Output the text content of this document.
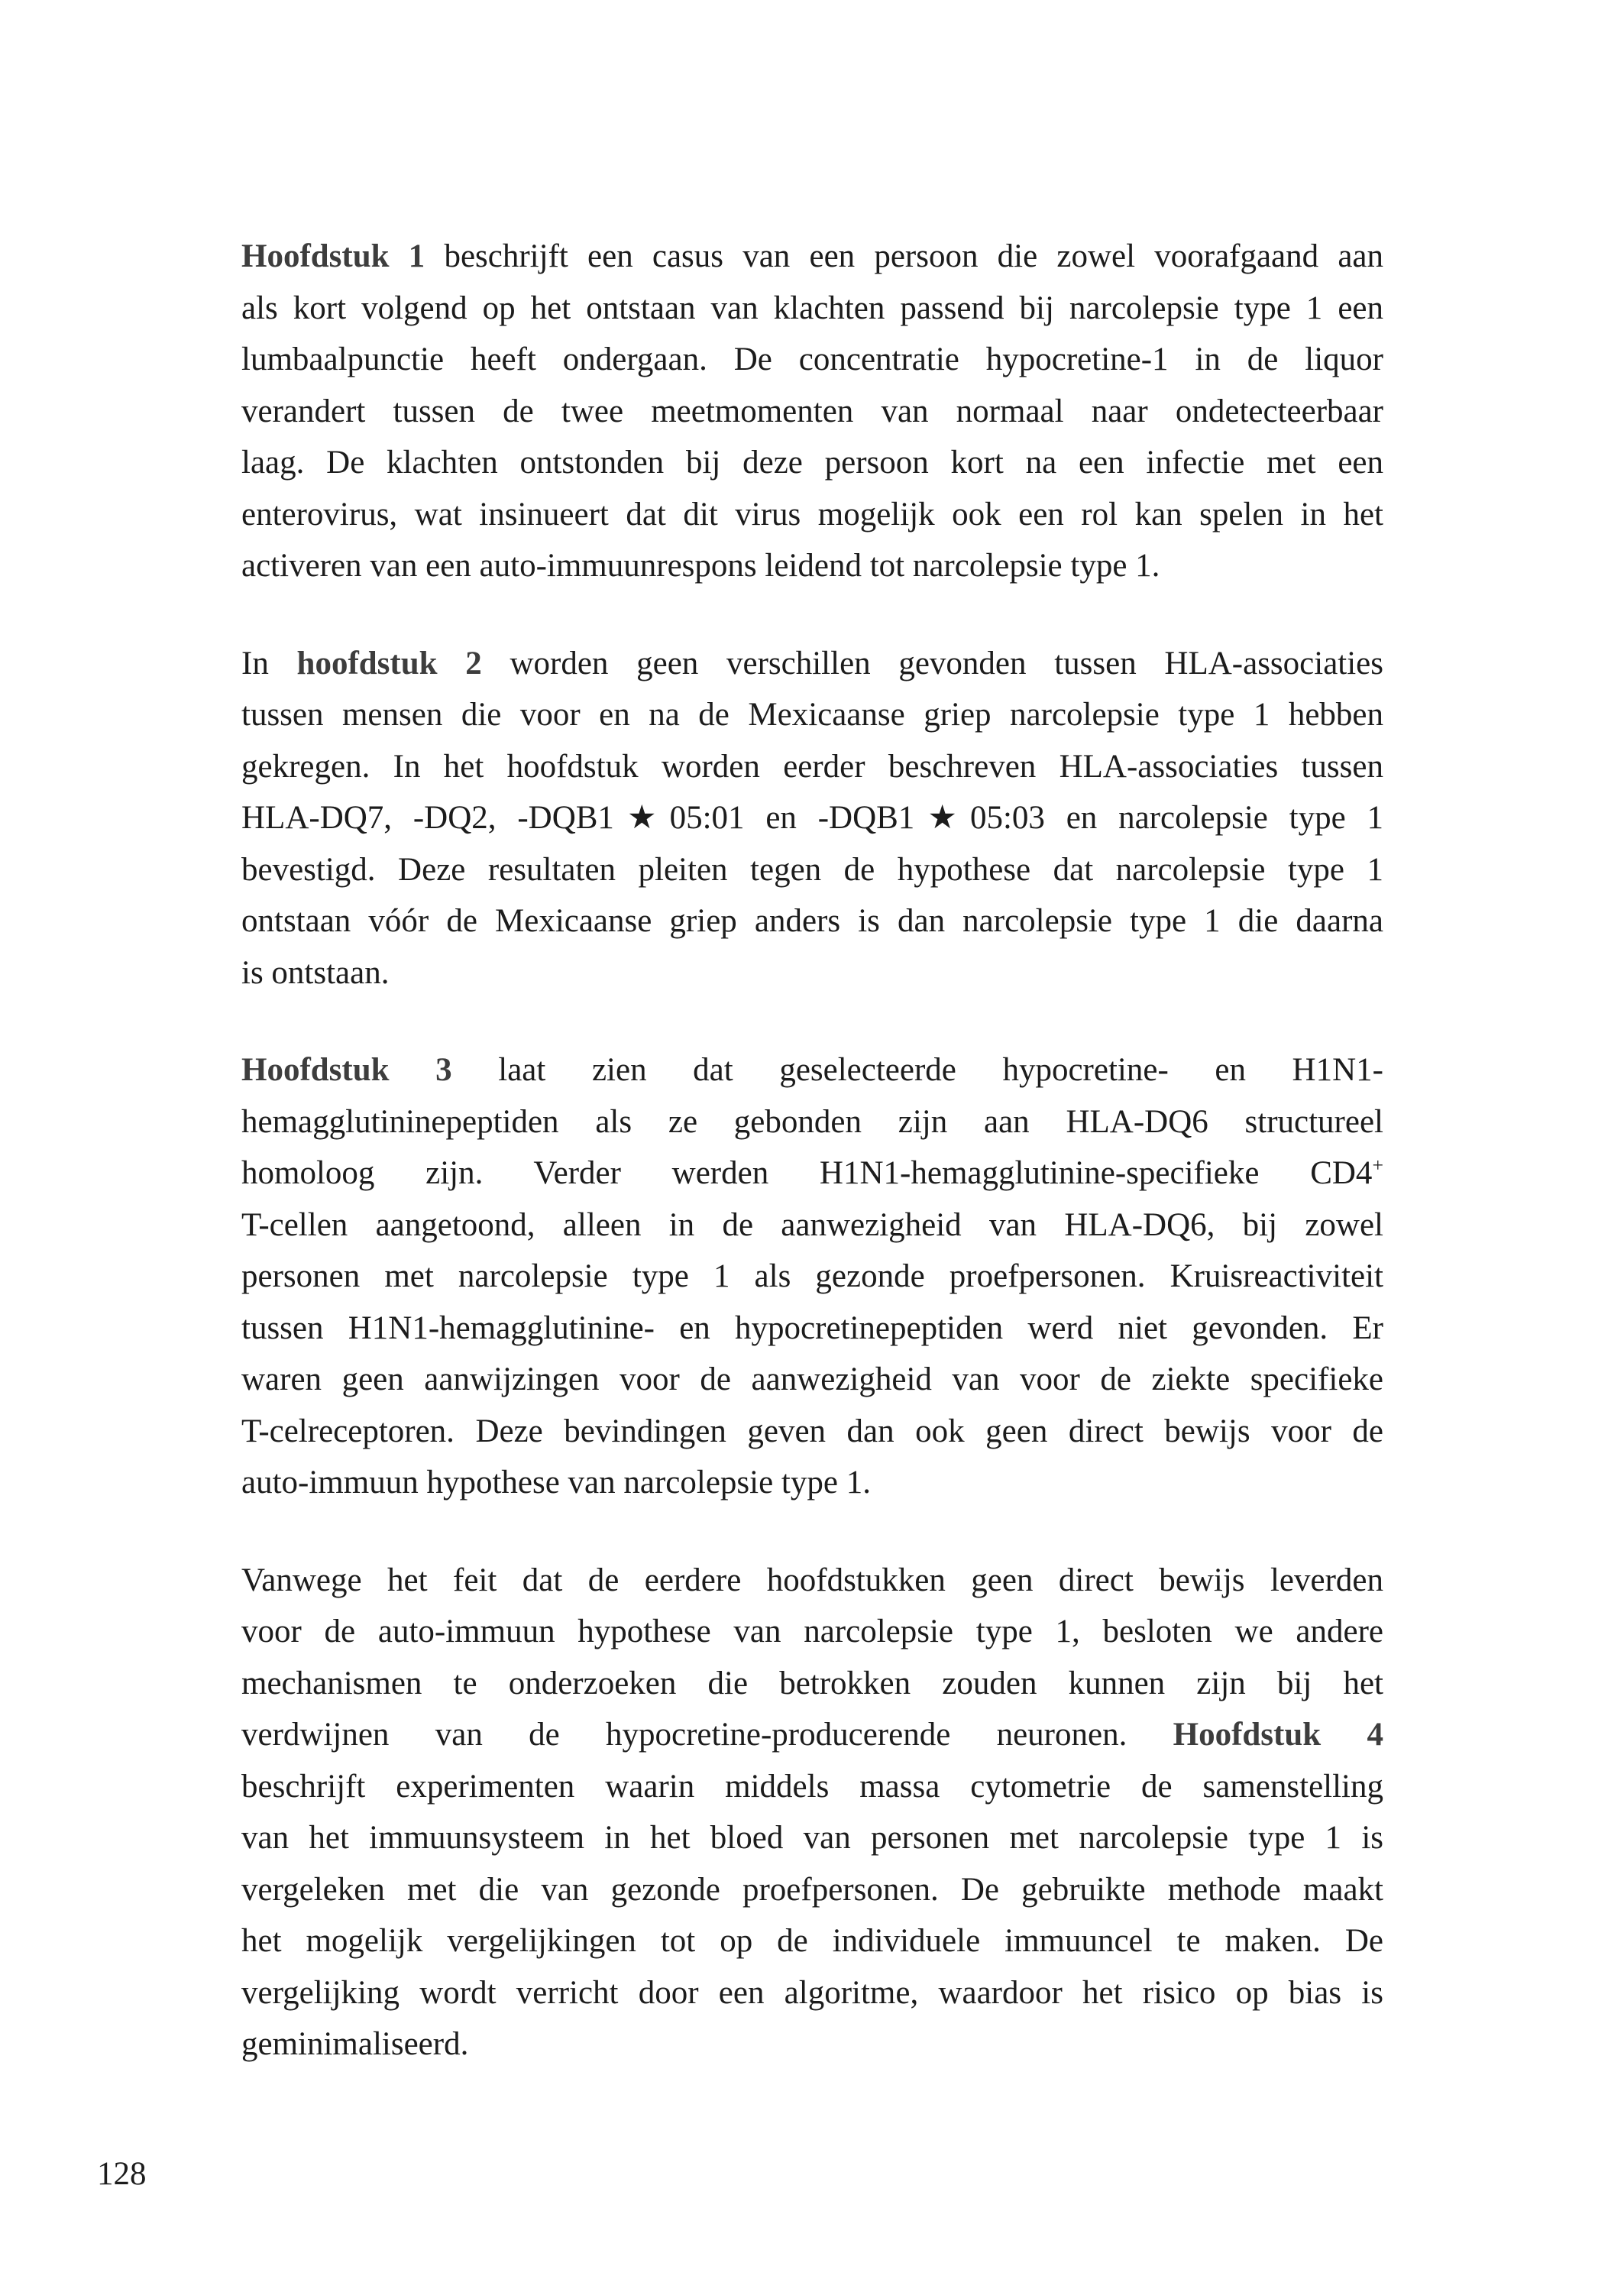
Hoofdstuk 1 beschrijft een casus van een persoon die zowel voorafgaand aan
als kort volgend op het ontstaan van klachten passend bij narcolepsie type 1 een
lumbaalpunctie heeft ondergaan. De concentratie hypocretine-1 in de liquor
verandert tussen de twee meetmomenten van normaal naar ondetecteerbaar
laag. De klachten ontstonden bij deze persoon kort na een infectie met een
enterovirus, wat insinueert dat dit virus mogelijk ook een rol kan spelen in het
activeren van een auto-immuunrespons leidend tot narcolepsie type 1.
In hoofdstuk 2 worden geen verschillen gevonden tussen HLA-associaties
tussen mensen die voor en na de Mexicaanse griep narcolepsie type 1 hebben
gekregen. In het hoofdstuk worden eerder beschreven HLA-associaties tussen
HLA-DQ7, -DQ2, -DQB1★05:01 en -DQB1★05:03 en narcolepsie type 1
bevestigd. Deze resultaten pleiten tegen de hypothese dat narcolepsie type 1
ontstaan vóór de Mexicaanse griep anders is dan narcolepsie type 1 die daarna
is ontstaan.
Hoofdstuk 3 laat zien dat geselecteerde hypocretine- en H1N1-
hemagglutininepeptiden als ze gebonden zijn aan HLA-DQ6 structureel
homoloog zijn. Verder werden H1N1-hemagglutinine-specifieke CD4+
T-cellen aangetoond, alleen in de aanwezigheid van HLA-DQ6, bij zowel
personen met narcolepsie type 1 als gezonde proefpersonen. Kruisreactiviteit
tussen H1N1-hemagglutinine- en hypocretinepeptiden werd niet gevonden. Er
waren geen aanwijzingen voor de aanwezigheid van voor de ziekte specifieke
T-celreceptoren. Deze bevindingen geven dan ook geen direct bewijs voor de
auto-immuun hypothese van narcolepsie type 1.
Vanwege het feit dat de eerdere hoofdstukken geen direct bewijs leverden
voor de auto-immuun hypothese van narcolepsie type 1, besloten we andere
mechanismen te onderzoeken die betrokken zouden kunnen zijn bij het
verdwijnen van de hypocretine-producerende neuronen. Hoofdstuk 4
beschrijft experimenten waarin middels massa cytometrie de samenstelling
van het immuunsysteem in het bloed van personen met narcolepsie type 1 is
vergeleken met die van gezonde proefpersonen. De gebruikte methode maakt
het mogelijk vergelijkingen tot op de individuele immuuncel te maken. De
vergelijking wordt verricht door een algoritme, waardoor het risico op bias is
geminimaliseerd.
128
